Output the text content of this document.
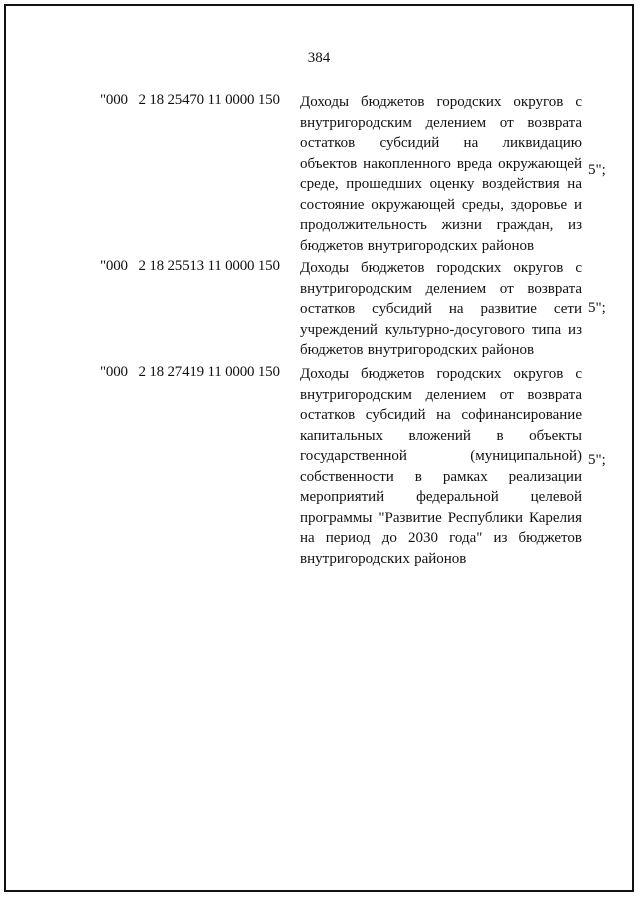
384
"000   2 18 25470 11 0000 150 Доходы бюджетов городских округов с внутригородским делением от возврата остатков субсидий на ликвидацию объектов накопленного вреда окружающей среде, прошедших оценку воздействия на состояние окружающей среды, здоровье и продолжительность жизни граждан, из бюджетов внутригородских районов
5";
"000   2 18 25513 11 0000 150 Доходы бюджетов городских округов с внутригородским делением от возврата остатков субсидий на развитие сети учреждений культурно-досугового типа из бюджетов внутригородских районов
5";
"000   2 18 27419 11 0000 150 Доходы бюджетов городских округов с внутригородским делением от возврата остатков субсидий на софинансирование капитальных вложений в объекты государственной (муниципальной) собственности в рамках реализации мероприятий федеральной целевой программы "Развитие Республики Карелия на период до 2030 года" из бюджетов внутригородских районов
5";
